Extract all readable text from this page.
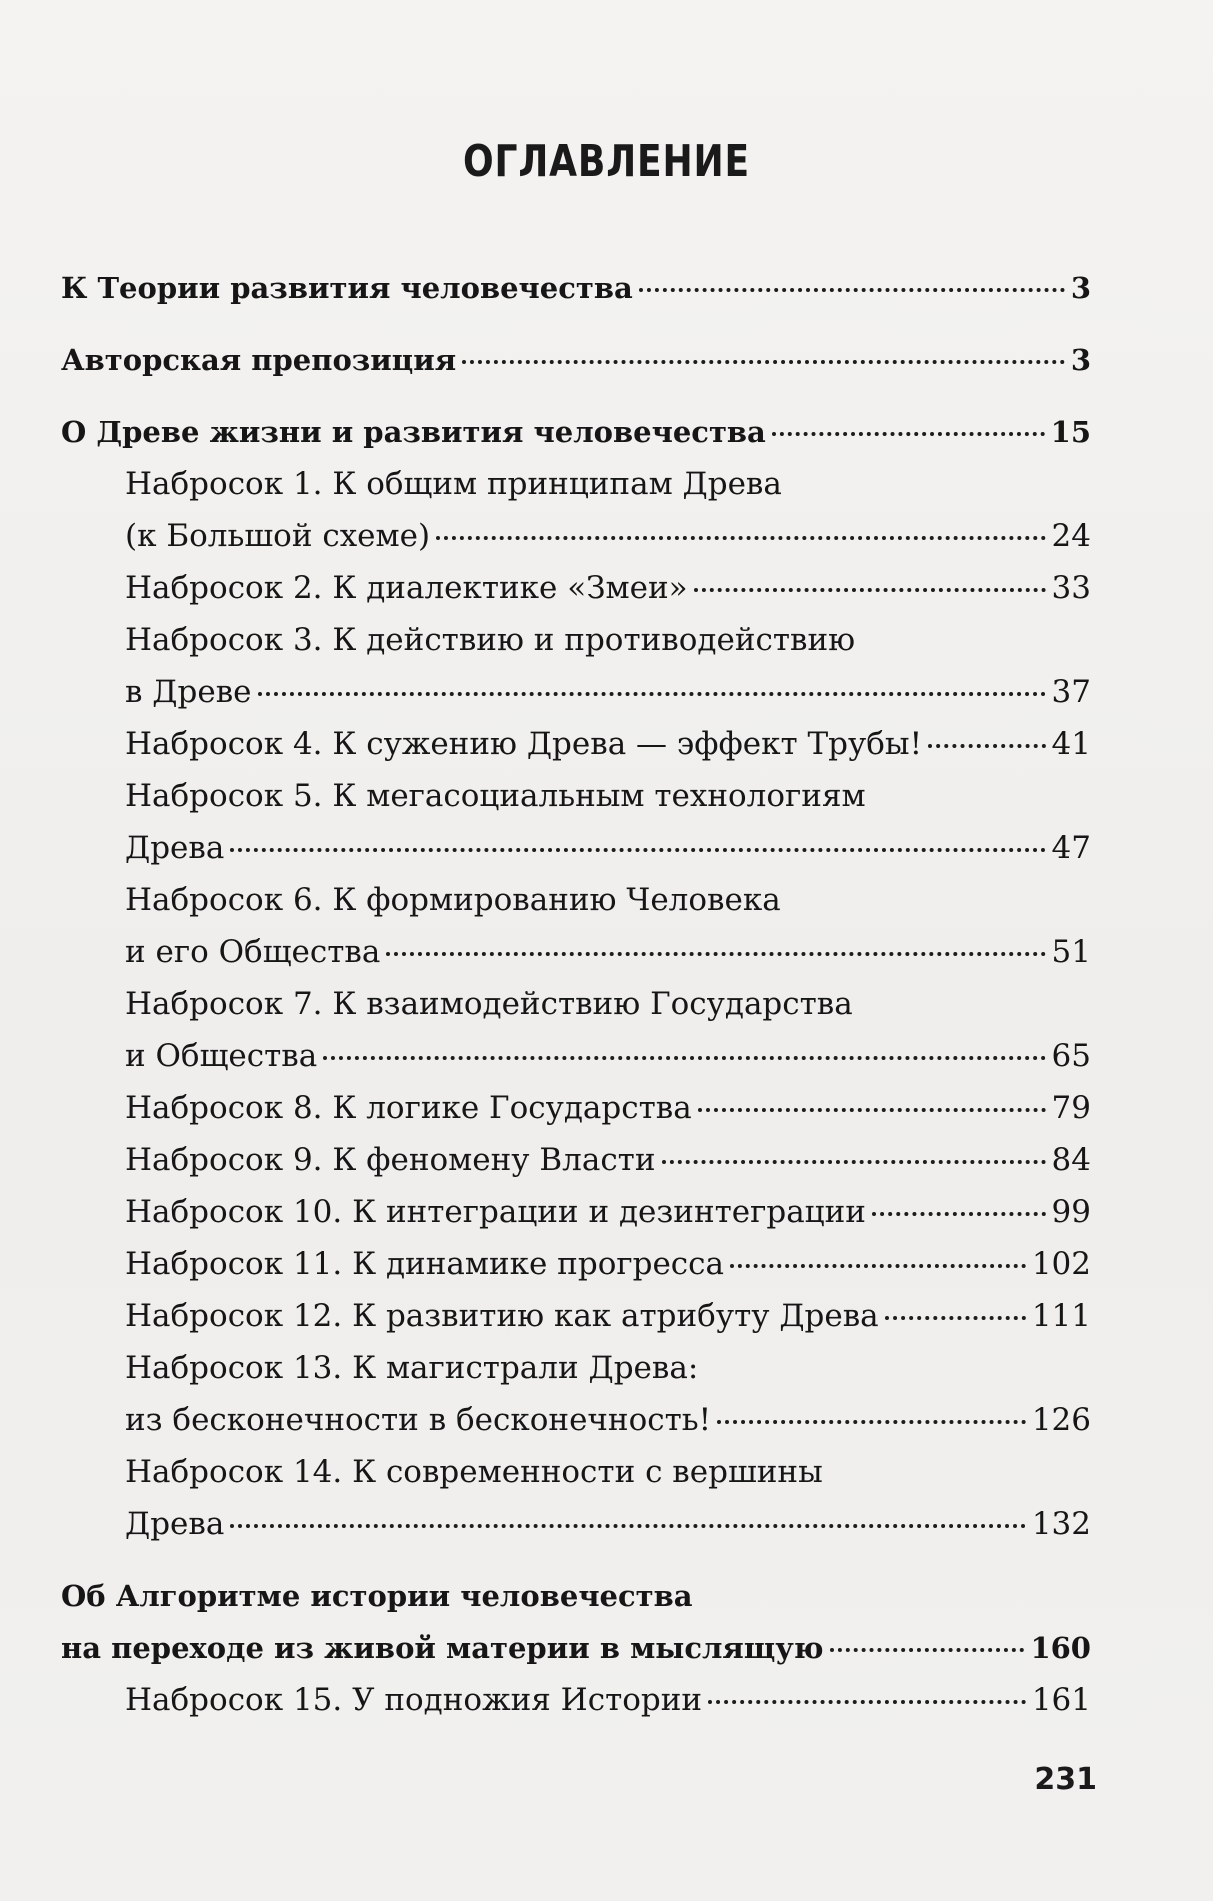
ОГЛАВЛЕНИЕ
К Теории развития человечества	3
Авторская препозиция	3
О Древе жизни и развития человечества	15
Набросок 1. К общим принципам Древа
(к Большой схеме)	24
Набросок 2. К диалектике «Змеи»	33
Набросок 3. К действию и противодействию
в Древе	37
Набросок 4. К сужению Древа — эффект Трубы!	41
Набросок 5. К мегасоциальным технологиям
Древа	47
Набросок 6. К формированию Человека
и его Общества	51
Набросок 7. К взаимодействию Государства
и Общества	65
Набросок 8. К логике Государства	79
Набросок 9. К феномену Власти	84
Набросок 10. К интеграции и дезинтеграции	99
Набросок 11. К динамике прогресса	102
Набросок 12. К развитию как атрибуту Древа	111
Набросок 13. К магистрали Древа:
из бесконечности в бесконечность!	126
Набросок 14. К современности с вершины
Древа	132
Об Алгоритме истории человечества
на переходе из живой материи в мыслящую	160
Набросок 15. У подножия Истории	161
231
